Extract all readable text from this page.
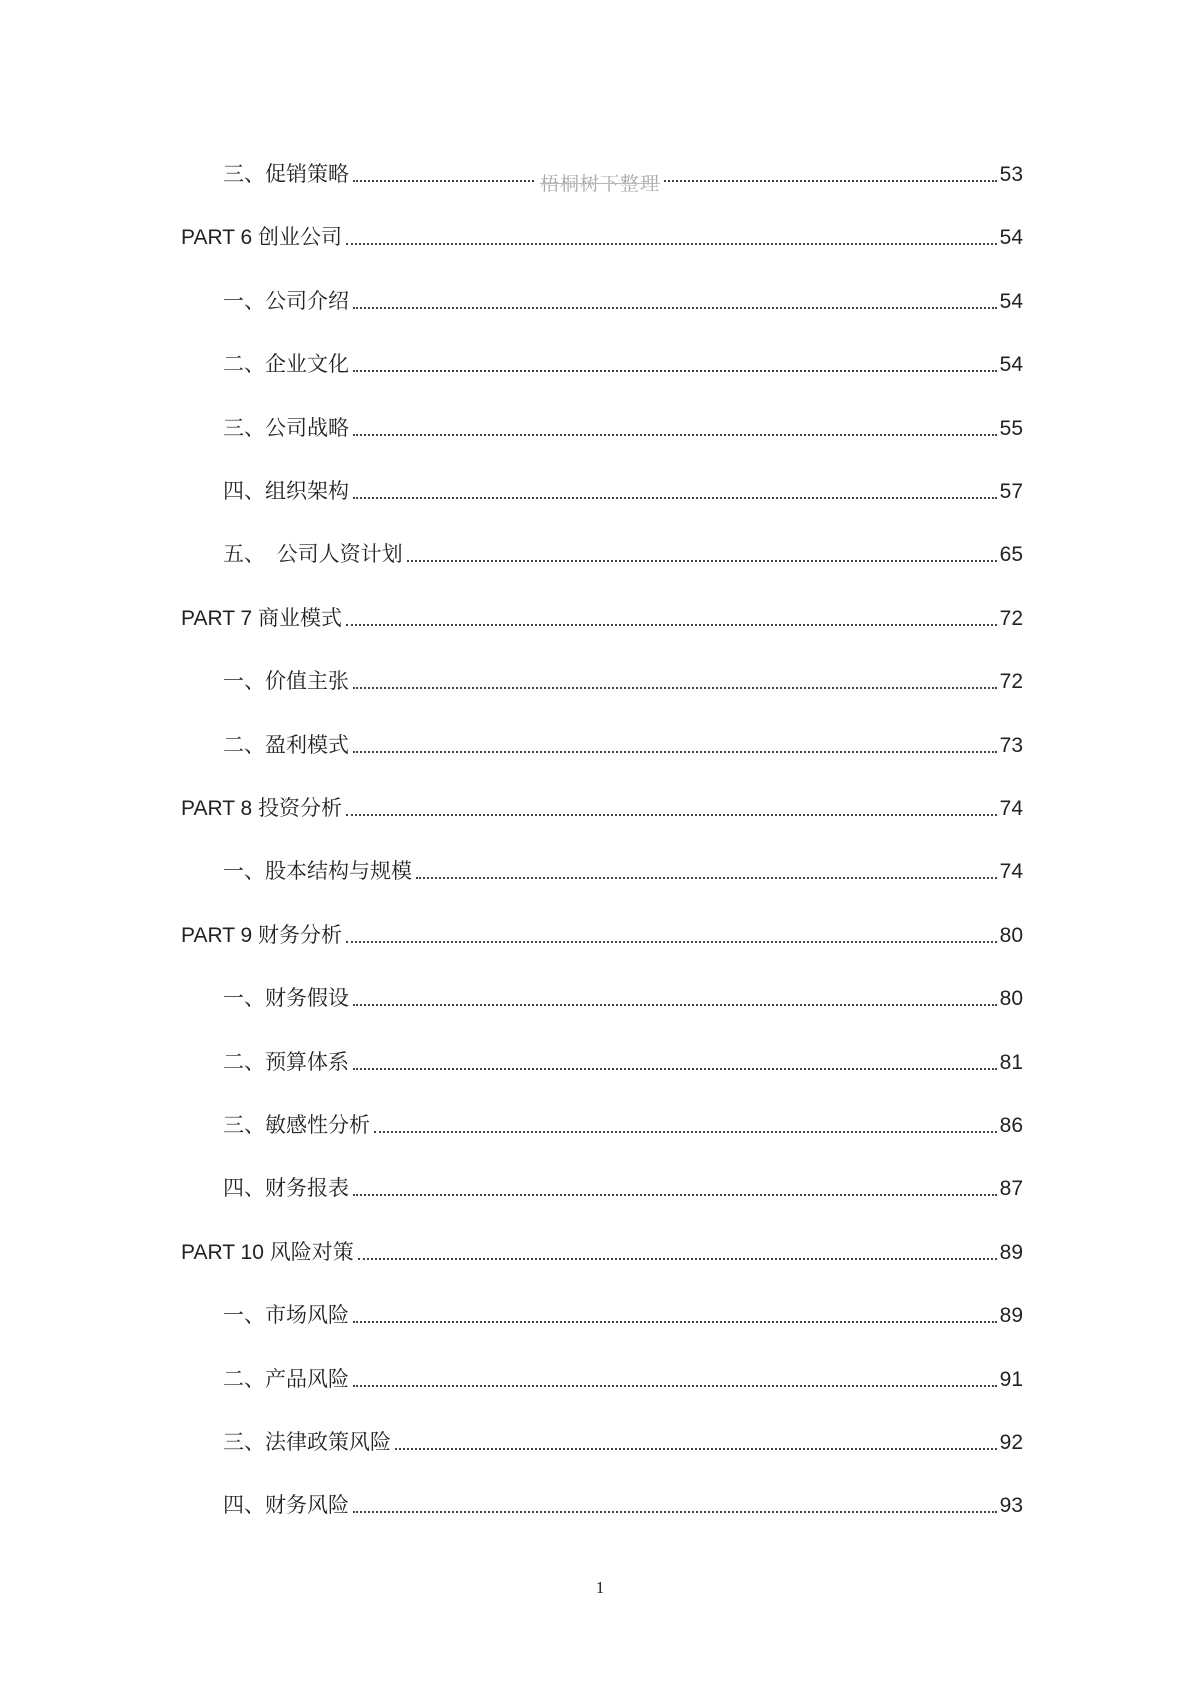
三、促销策略	53
PART 6 创业公司	54
一、公司介绍	54
二、企业文化	54
三、公司战略	55
四、组织架构	57
五、  公司人资计划	65
PART 7 商业模式	72
一、价值主张	72
二、盈利模式	73
PART 8 投资分析	74
一、股本结构与规模	74
PART 9 财务分析	80
一、财务假设	80
二、预算体系	81
三、敏感性分析	86
四、财务报表	87
PART 10 风险对策	89
一、市场风险	89
二、产品风险	91
三、法律政策风险	92
四、财务风险	93
梧桐树下整理
1
